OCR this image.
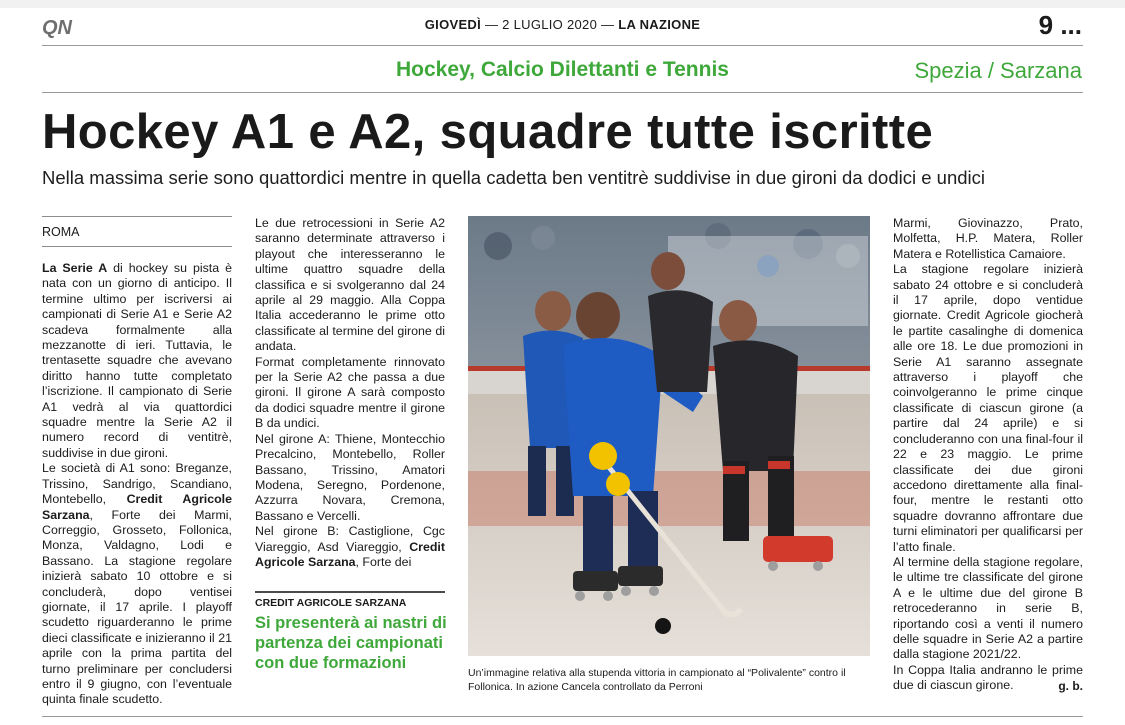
QN	GIOVEDÌ — 2 LUGLIO 2020 — LA NAZIONE	9 ...
Hockey, Calcio Dilettanti e Tennis	Spezia / Sarzana
Hockey A1 e A2, squadre tutte iscritte
Nella massima serie sono quattordici mentre in quella cadetta ben ventitrè suddivise in due gironi da dodici e undici
ROMA

La Serie A di hockey su pista è nata con un giorno di anticipo. Il termine ultimo per iscriversi ai campionati di Serie A1 e Serie A2 scadeva formalmente alla mezzanotte di ieri. Tuttavia, le trentasette squadre che avevano diritto hanno tutte completato l’iscrizione. Il campionato di Serie A1 vedrà al via quattordici squadre mentre la Serie A2 il numero record di ventitrè, suddivise in due gironi.

Le società di A1 sono: Breganze, Trissino, Sandrigo, Scandiano, Montebello, Credit Agricole Sarzana, Forte dei Marmi, Correggio, Grosseto, Follonica, Monza, Valdagno, Lodi e Bassano. La stagione regolare inizierà sabato 10 ottobre e si concluderà, dopo ventisei giornate, il 17 aprile. I playoff scudetto riguarderanno le prime dieci classificate e inizieranno il 21 aprile con la prima partita del turno preliminare per concludersi entro il 9 giugno, con l’eventuale quinta finale scudetto.

Le due retrocessioni in Serie A2 saranno determinate attraverso i playout che interesseranno le ultime quattro squadre della classifica e si svolgeranno dal 24 aprile al 29 maggio. Alla Coppa Italia accederanno le prime otto classificate al termine del girone di andata.

Format completamente rinnovato per la Serie A2 che passa a due gironi. Il girone A sarà composto da dodici squadre mentre il girone B da undici.

Nel girone A: Thiene, Montecchio Precalcino, Montebello, Roller Bassano, Trissino, Amatori Modena, Seregno, Pordenone, Azzurra Novara, Cremona, Bassano e Vercelli.

Nel girone B: Castiglione, Cgc Viareggio, Asd Viareggio, Credit Agricole Sarzana, Forte dei

CREDIT AGRICOLE SARZANA
Si presenterà ai nastri di partenza dei campionati con due formazioni
Un’immagine relativa alla stupenda vittoria in campionato al “Polivalente” contro il Follonica. In azione Cancela controllato da Perroni

Marmi, Giovinazzo, Prato, Molfetta, H.P. Matera, Roller Matera e Rotellistica Camaiore.

La stagione regolare inizierà sabato 24 ottobre e si concluderà il 17 aprile, dopo ventidue giornate. Credit Agricole giocherà le partite casalinghe di domenica alle ore 18. Le due promozioni in Serie A1 saranno assegnate attraverso i playoff che coinvolgeranno le prime cinque classificate di ciascun girone (a partire dal 24 aprile) e si concluderanno con una final-four il 22 e 23 maggio. Le prime classificate dei due gironi accedono direttamente alla final-four, mentre le restanti otto squadre dovranno affrontare due turni eliminatori per qualificarsi per l’atto finale.

Al termine della stagione regolare, le ultime tre classificate del girone A e le ultime due del girone B retrocederanno in serie B, riportando così a venti il numero delle squadre in Serie A2 a partire dalla stagione 2021/22.

In Coppa Italia andranno le prime due di ciascun girone.	g. b.
